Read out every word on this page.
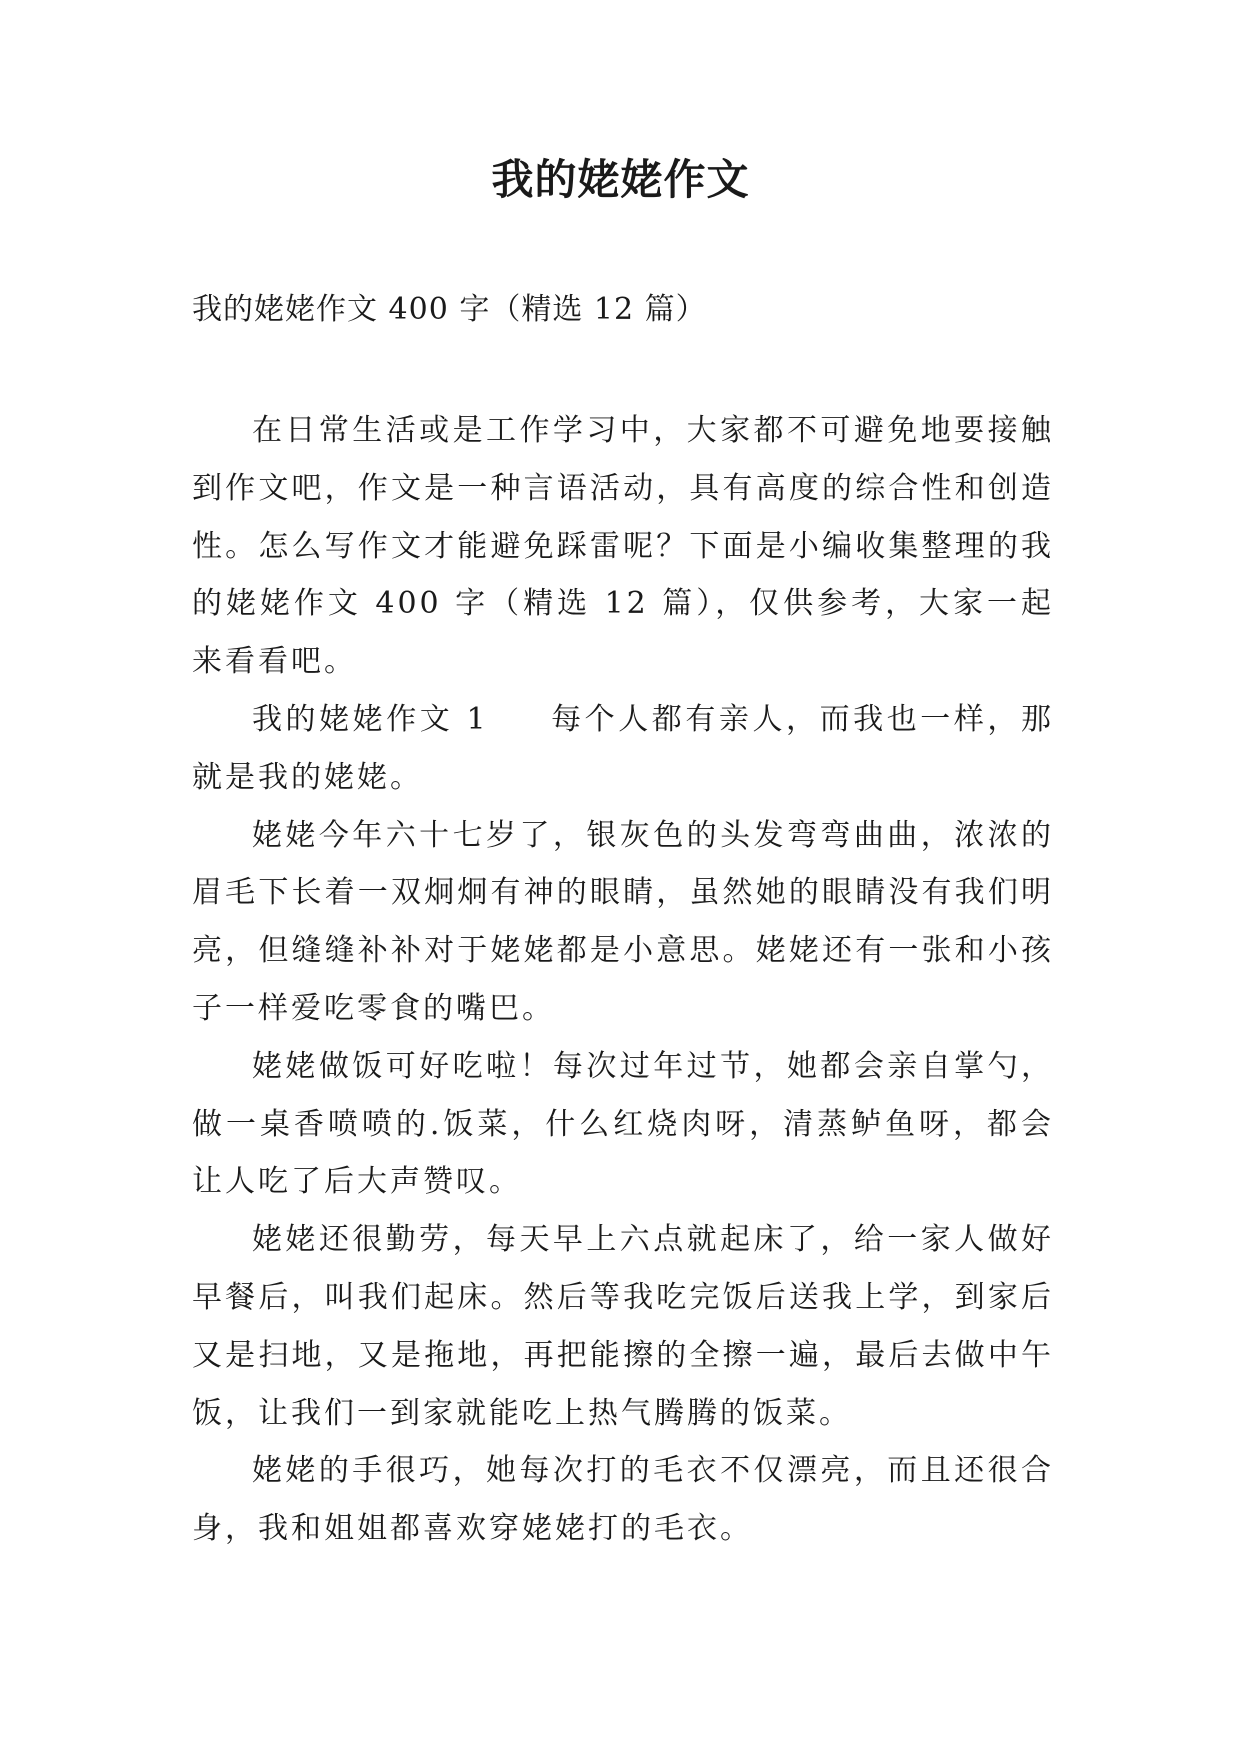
我的姥姥作文

我的姥姥作文 400 字（精选 12 篇）

在日常生活或是工作学习中，大家都不可避免地要接触到作文吧，作文是一种言语活动，具有高度的综合性和创造性。怎么写作文才能避免踩雷呢？下面是小编收集整理的我的姥姥作文 400 字（精选 12 篇），仅供参考，大家一起来看看吧。

我的姥姥作文 1 每个人都有亲人，而我也一样，那就是我的姥姥。

姥姥今年六十七岁了，银灰色的头发弯弯曲曲，浓浓的眉毛下长着一双炯炯有神的眼睛，虽然她的眼睛没有我们明亮，但缝缝补补对于姥姥都是小意思。姥姥还有一张和小孩子一样爱吃零食的嘴巴。

姥姥做饭可好吃啦！每次过年过节，她都会亲自掌勺，做一桌香喷喷的.饭菜，什么红烧肉呀，清蒸鲈鱼呀，都会让人吃了后大声赞叹。

姥姥还很勤劳，每天早上六点就起床了，给一家人做好早餐后，叫我们起床。然后等我吃完饭后送我上学，到家后又是扫地，又是拖地，再把能擦的全擦一遍，最后去做中午饭，让我们一到家就能吃上热气腾腾的饭菜。

姥姥的手很巧，她每次打的毛衣不仅漂亮，而且还很合身，我和姐姐都喜欢穿姥姥打的毛衣。
